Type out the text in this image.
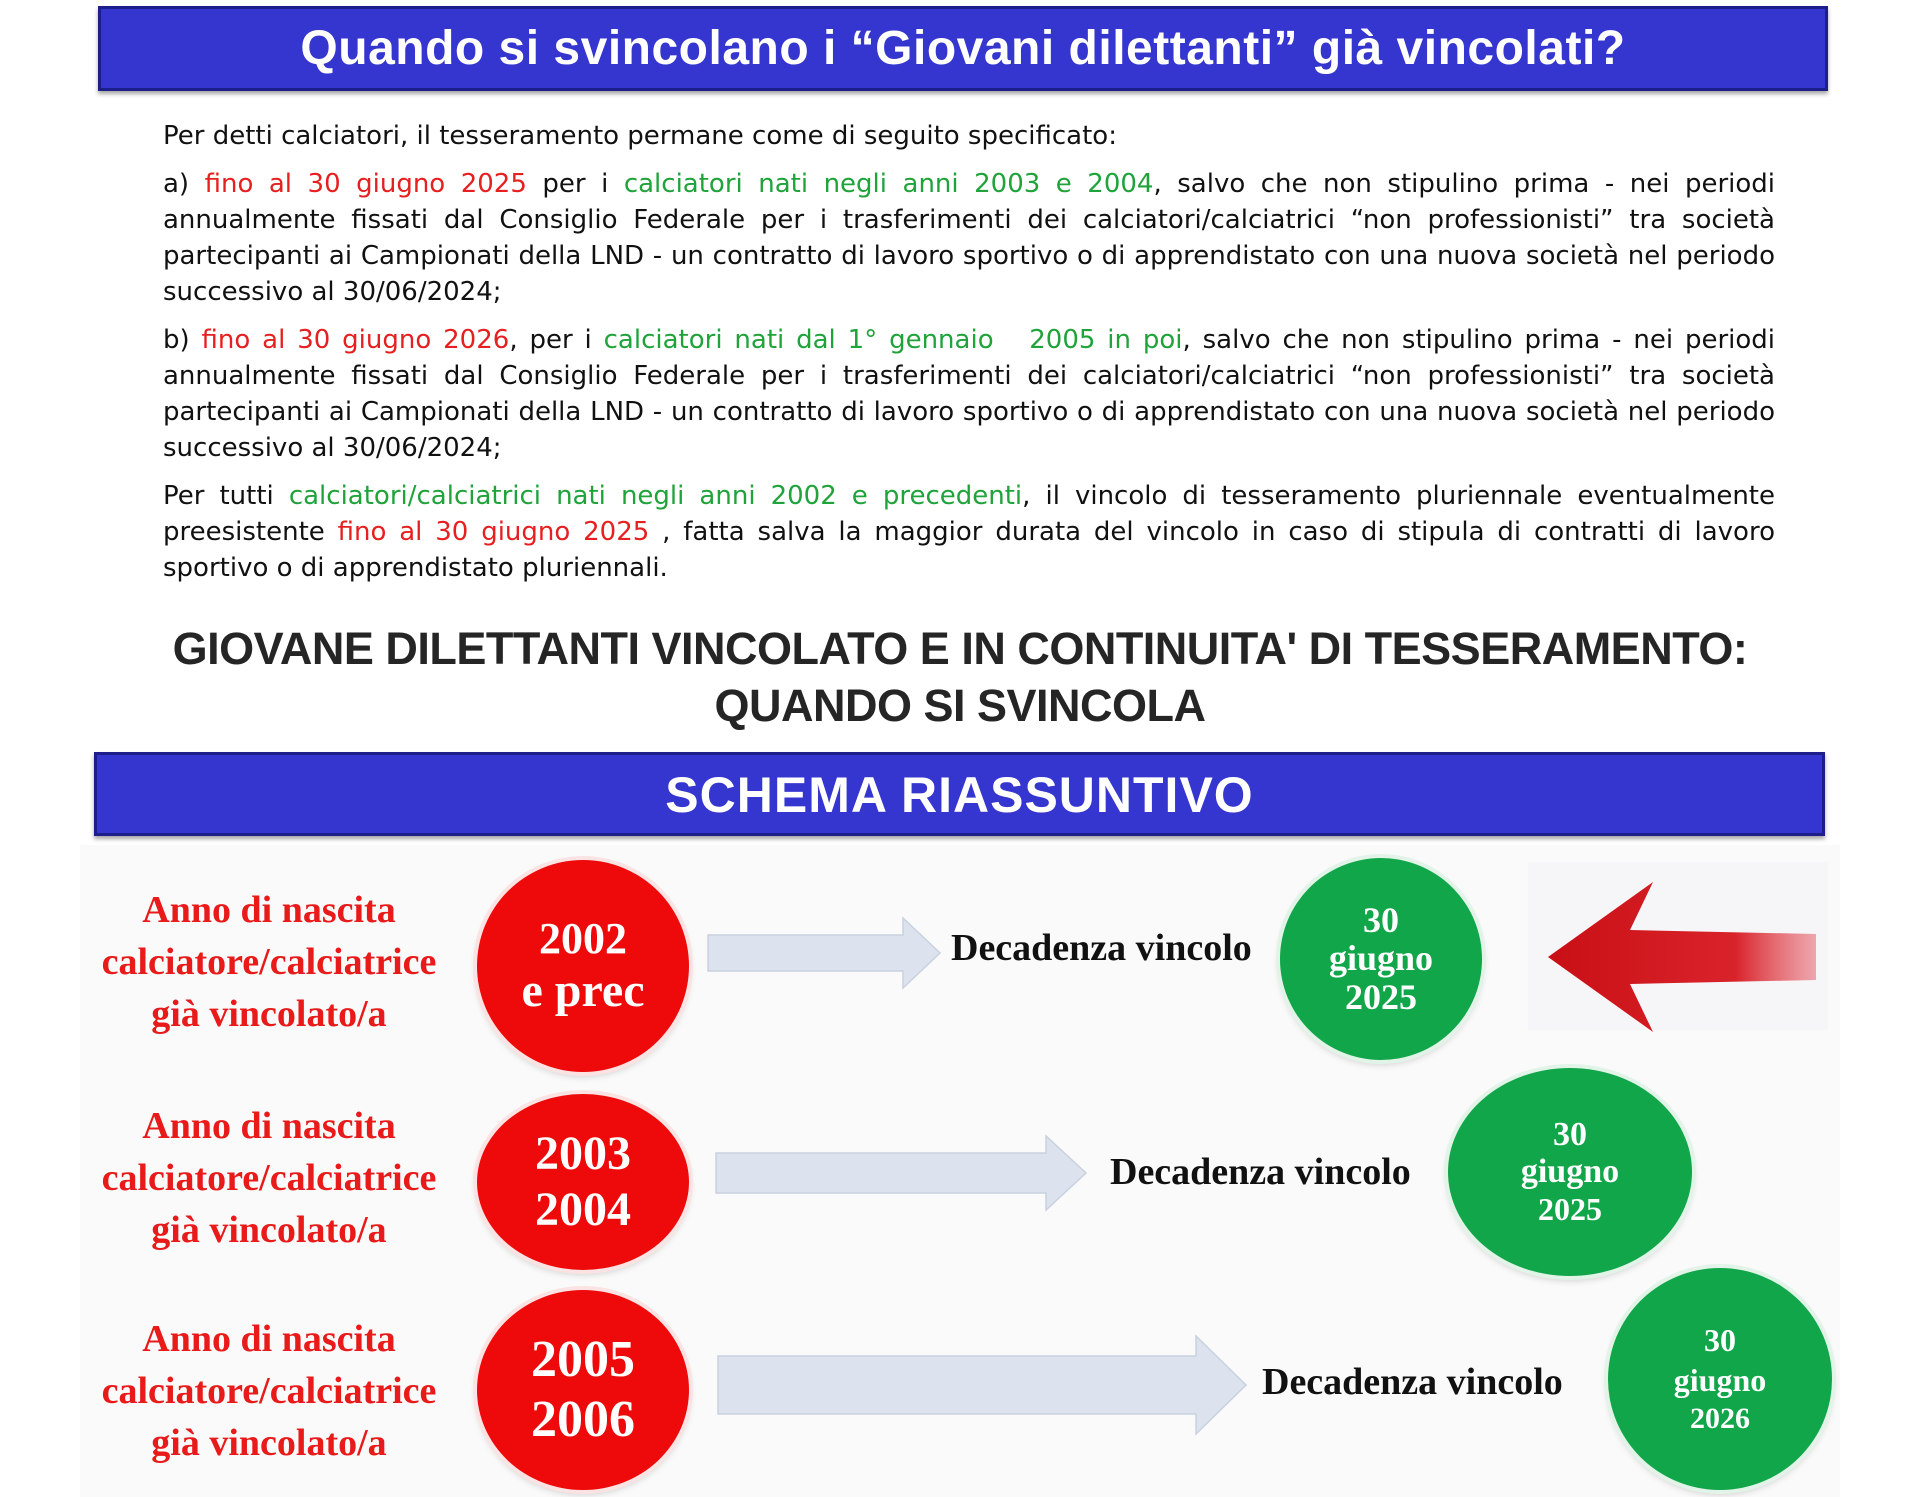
Quando si svincolano i “Giovani dilettanti” già vincolati?

Per detti calciatori, il tesseramento permane come di seguito specificato:

a) fino al 30 giugno 2025 per i calciatori nati negli anni 2003 e 2004, salvo che non stipulino prima - nei periodi annualmente fissati dal Consiglio Federale per i trasferimenti dei calciatori/calciatrici “non professionisti” tra società partecipanti ai Campionati della LND - un contratto di lavoro sportivo o di apprendistato con una nuova società nel periodo successivo al 30/06/2024;

b) fino al 30 giugno 2026, per i calciatori nati dal 1° gennaio   2005 in poi, salvo che non stipulino prima - nei periodi annualmente fissati dal Consiglio Federale per i trasferimenti dei calciatori/calciatrici “non professionisti” tra società partecipanti ai Campionati della LND - un contratto di lavoro sportivo o di apprendistato con una nuova società nel periodo successivo al 30/06/2024;

Per tutti calciatori/calciatrici nati negli anni 2002 e precedenti, il vincolo di tesseramento pluriennale eventualmente preesistente fino al 30 giugno 2025 , fatta salva la maggior durata del vincolo in caso di stipula di contratti di lavoro sportivo o di apprendistato pluriennali.

GIOVANE DILETTANTI VINCOLATO E IN CONTINUITA' DI TESSERAMENTO:
QUANDO SI SVINCOLA
SCHEMA RIASSUNTIVO
Anno di nascita
calciatore/calciatrice
già vincolato/a
2002
e prec
Decadenza vincolo
30
giugno
2025
Anno di nascita
calciatore/calciatrice
già vincolato/a
2003
2004
Decadenza vincolo
30
giugno
2025
Anno di nascita
calciatore/calciatrice
già vincolato/a
2005
2006
Decadenza vincolo
30
giugno
2026
